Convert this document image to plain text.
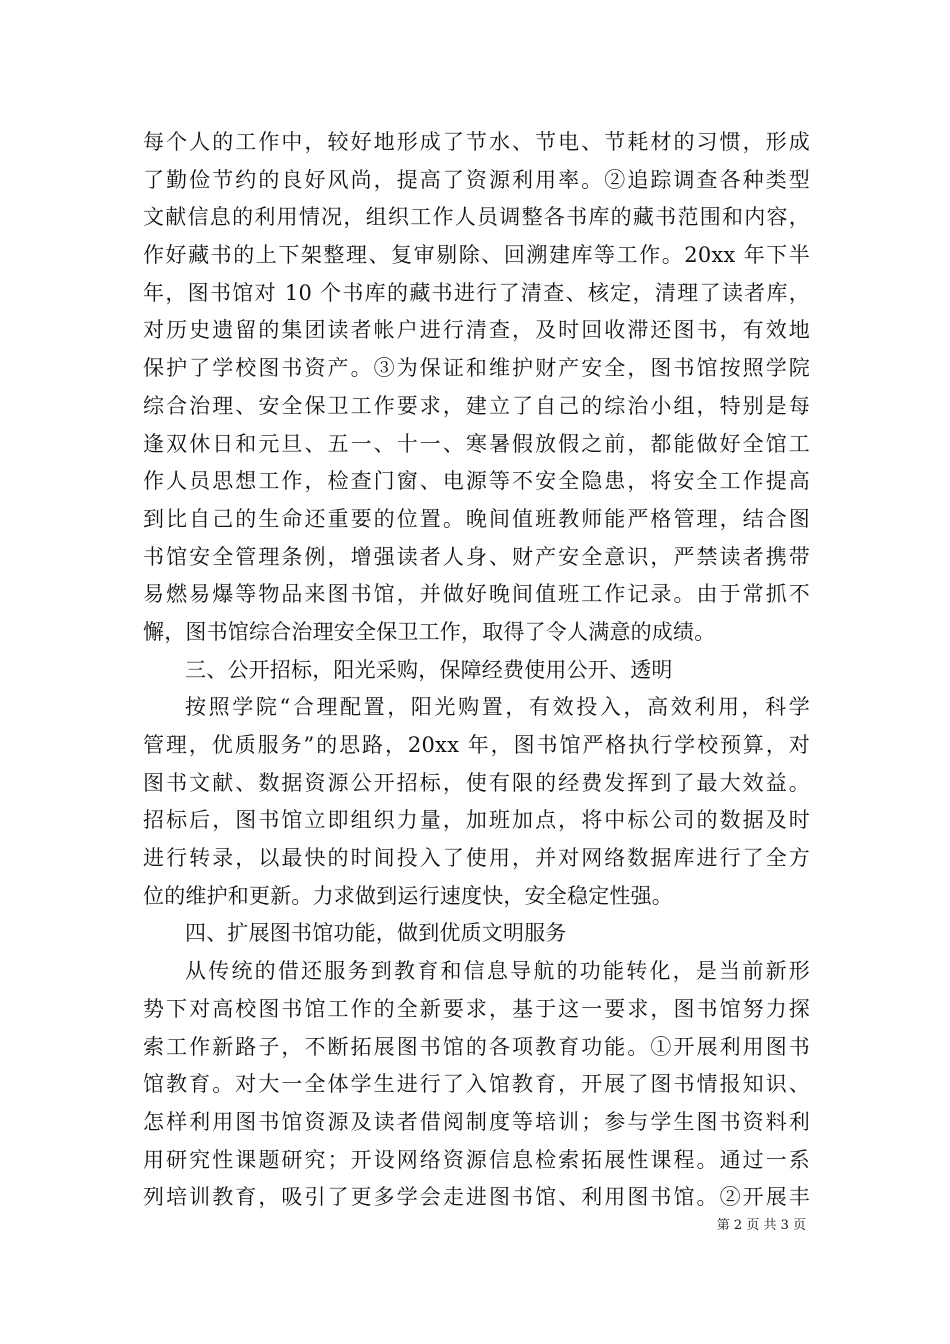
每个人的工作中，较好地形成了节水、节电、节耗材的习惯，形成
了勤俭节约的良好风尚，提高了资源利用率。②追踪调查各种类型
文献信息的利用情况，组织工作人员调整各书库的藏书范围和内容，
作好藏书的上下架整理、复审剔除、回溯建库等工作。20xx 年下半
年，图书馆对 10 个书库的藏书进行了清查、核定，清理了读者库，
对历史遗留的集团读者帐户进行清查，及时回收滞还图书，有效地
保护了学校图书资产。③为保证和维护财产安全，图书馆按照学院
综合治理、安全保卫工作要求，建立了自己的综治小组，特别是每
逢双休日和元旦、五一、十一、寒暑假放假之前，都能做好全馆工
作人员思想工作，检查门窗、电源等不安全隐患，将安全工作提高
到比自己的生命还重要的位置。晚间值班教师能严格管理，结合图
书馆安全管理条例，增强读者人身、财产安全意识，严禁读者携带
易燃易爆等物品来图书馆，并做好晚间值班工作记录。由于常抓不
懈，图书馆综合治理安全保卫工作，取得了令人满意的成绩。
三、公开招标，阳光采购，保障经费使用公开、透明
按照学院“合理配置，阳光购置，有效投入，高效利用，科学
管理，优质服务”的思路，20xx 年，图书馆严格执行学校预算，对
图书文献、数据资源公开招标，使有限的经费发挥到了最大效益。
招标后，图书馆立即组织力量，加班加点，将中标公司的数据及时
进行转录，以最快的时间投入了使用，并对网络数据库进行了全方
位的维护和更新。力求做到运行速度快，安全稳定性强。
四、扩展图书馆功能，做到优质文明服务
从传统的借还服务到教育和信息导航的功能转化，是当前新形
势下对高校图书馆工作的全新要求，基于这一要求，图书馆努力探
索工作新路子，不断拓展图书馆的各项教育功能。①开展利用图书
馆教育。对大一全体学生进行了入馆教育，开展了图书情报知识、
怎样利用图书馆资源及读者借阅制度等培训；参与学生图书资料利
用研究性课题研究；开设网络资源信息检索拓展性课程。通过一系
列培训教育，吸引了更多学会走进图书馆、利用图书馆。②开展丰
第 2 页 共 3 页
